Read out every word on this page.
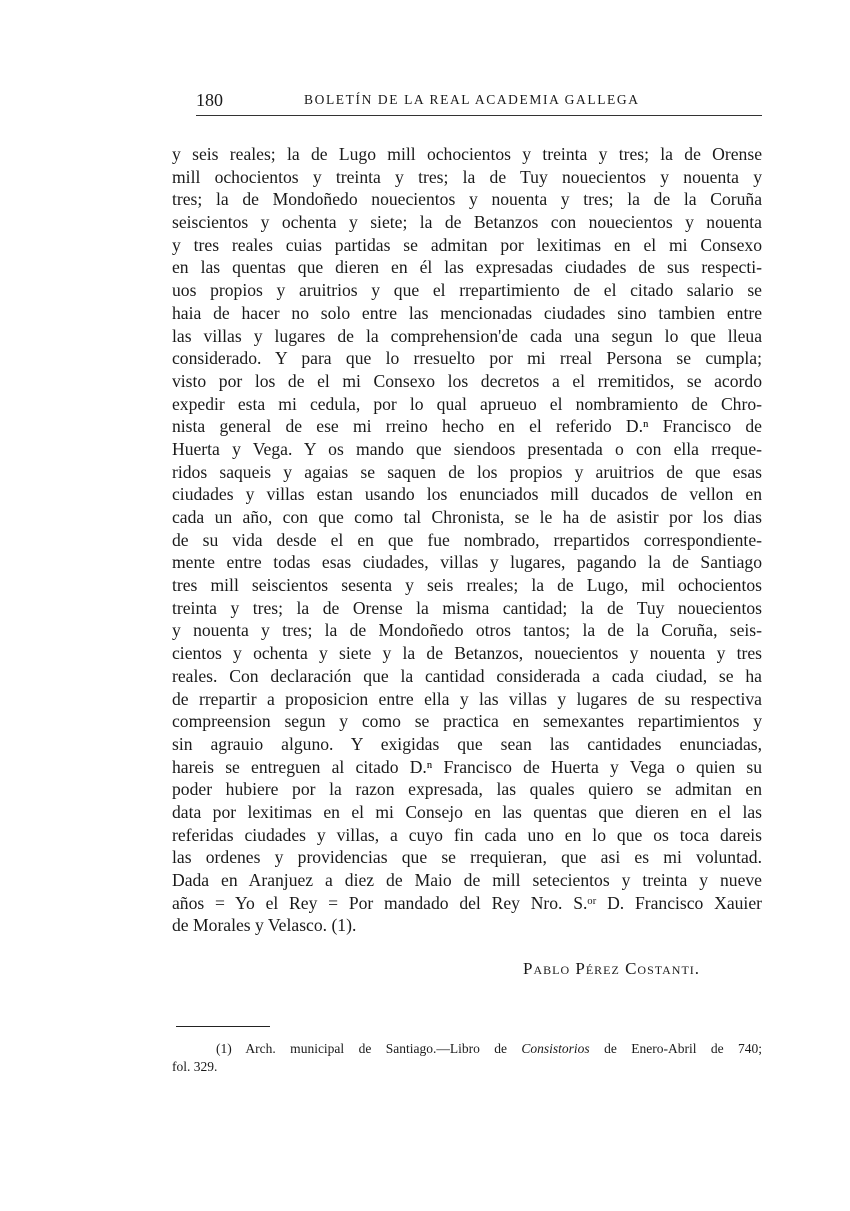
180	BOLETÍN DE LA REAL ACADEMIA GALLEGA
y seis reales; la de Lugo mill ochocientos y treinta y tres; la de Orense
mill ochocientos y treinta y tres; la de Tuy nouecientos y nouenta y
tres; la de Mondoñedo nouecientos y nouenta y tres; la de la Coruña
seiscientos y ochenta y siete; la de Betanzos con nouecientos y nouenta
y tres reales cuias partidas se admitan por lexitimas en el mi Consexo
en las quentas que dieren en él las expresadas ciudades de sus respecti-
uos propios y aruitrios y que el rrepartimiento de el citado salario se
haia de hacer no solo entre las mencionadas ciudades sino tambien entre
las villas y lugares de la comprehension'de cada una segun lo que lleua
considerado. Y para que lo rresuelto por mi rreal Persona se cumpla;
visto por los de el mi Consexo los decretos a el rremitidos, se acordo
expedir esta mi cedula, por lo qual aprueuo el nombramiento de Chro-
nista general de ese mi rreino hecho en el referido D.ⁿ Francisco de
Huerta y Vega. Y os mando que siendoos presentada o con ella rreque-
ridos saqueis y agaias se saquen de los propios y aruitrios de que esas
ciudades y villas estan usando los enunciados mill ducados de vellon en
cada un año, con que como tal Chronista, se le ha de asistir por los dias
de su vida desde el en que fue nombrado, rrepartidos correspondiente-
mente entre todas esas ciudades, villas y lugares, pagando la de Santiago
tres mill seiscientos sesenta y seis rreales; la de Lugo, mil ochocientos
treinta y tres; la de Orense la misma cantidad; la de Tuy nouecientos
y nouenta y tres; la de Mondoñedo otros tantos; la de la Coruña, seis-
cientos y ochenta y siete y la de Betanzos, nouecientos y nouenta y tres
reales. Con declaración que la cantidad considerada a cada ciudad, se ha
de rrepartir a proposicion entre ella y las villas y lugares de su respectiva
compreension segun y como se practica en semexantes repartimientos y
sin agrauio alguno. Y exigidas que sean las cantidades enunciadas,
hareis se entreguen al citado D.ⁿ Francisco de Huerta y Vega o quien su
poder hubiere por la razon expresada, las quales quiero se admitan en
data por lexitimas en el mi Consejo en las quentas que dieren en el las
referidas ciudades y villas, a cuyo fin cada uno en lo que os toca dareis
las ordenes y providencias que se rrequieran, que asi es mi voluntad.
Dada en Aranjuez a diez de Maio de mill setecientos y treinta y nueve
años = Yo el Rey = Por mandado del Rey Nro. S.ᵒʳ D. Francisco Xauier
de Morales y Velasco. (1).
Pablo Pérez Costanti.
(1) Arch. municipal de Santiago.—Libro de Consistorios de Enero-Abril de 740;
fol. 329.
